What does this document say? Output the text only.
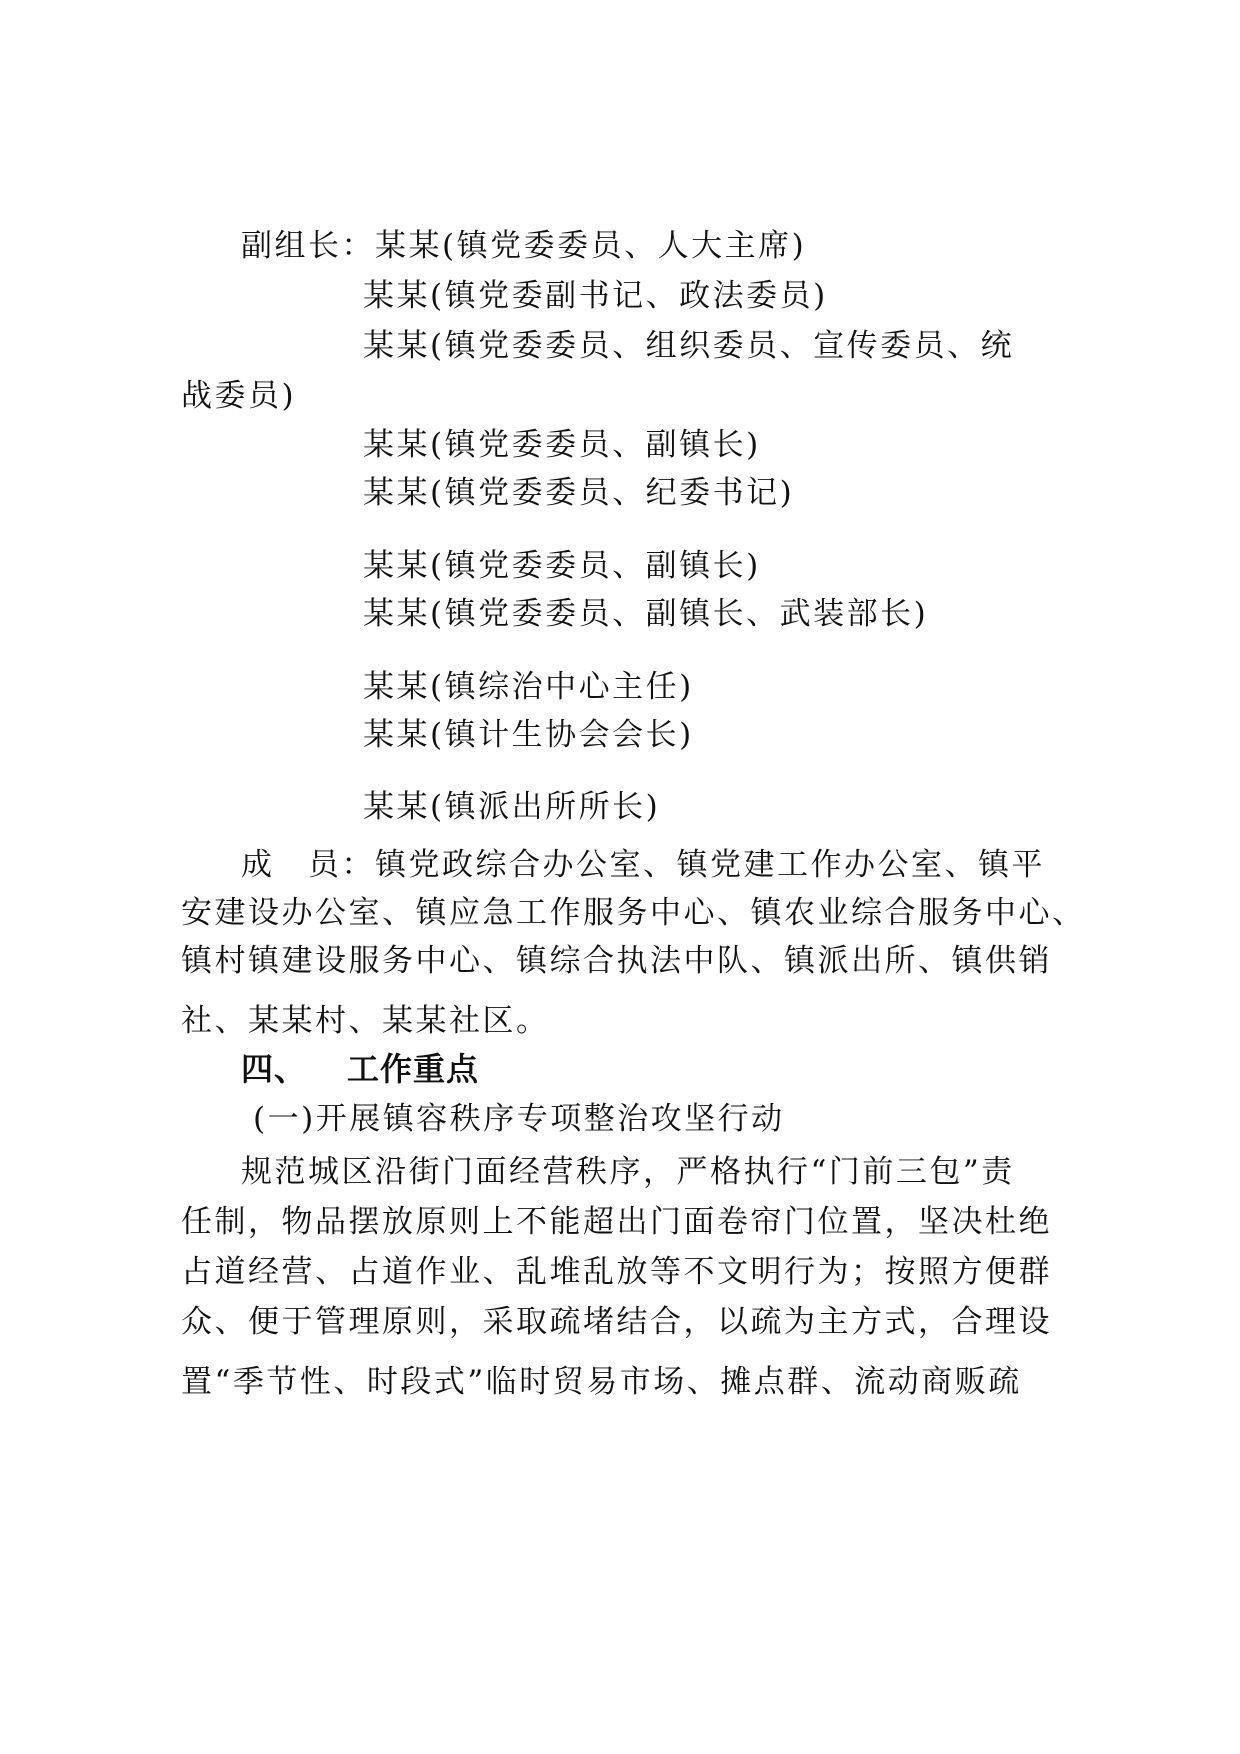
副组长：某某(镇党委委员、人大主席)
某某(镇党委副书记、政法委员)
某某(镇党委委员、组织委员、宣传委员、统
战委员)
某某(镇党委委员、副镇长)
某某(镇党委委员、纪委书记)
某某(镇党委委员、副镇长)
某某(镇党委委员、副镇长、武装部长)
某某(镇综治中心主任)
某某(镇计生协会会长)
某某(镇派出所所长)
成　员：镇党政综合办公室、镇党建工作办公室、镇平
安建设办公室、镇应急工作服务中心、镇农业综合服务中心、
镇村镇建设服务中心、镇综合执法中队、镇派出所、镇供销
社、某某村、某某社区。
四、 工作重点
(一)开展镇容秩序专项整治攻坚行动
规范城区沿街门面经营秩序，严格执行“门前三包”责
任制，物品摆放原则上不能超出门面卷帘门位置，坚决杜绝
占道经营、占道作业、乱堆乱放等不文明行为；按照方便群
众、便于管理原则，采取疏堵结合，以疏为主方式，合理设
置“季节性、时段式”临时贸易市场、摊点群、流动商贩疏
